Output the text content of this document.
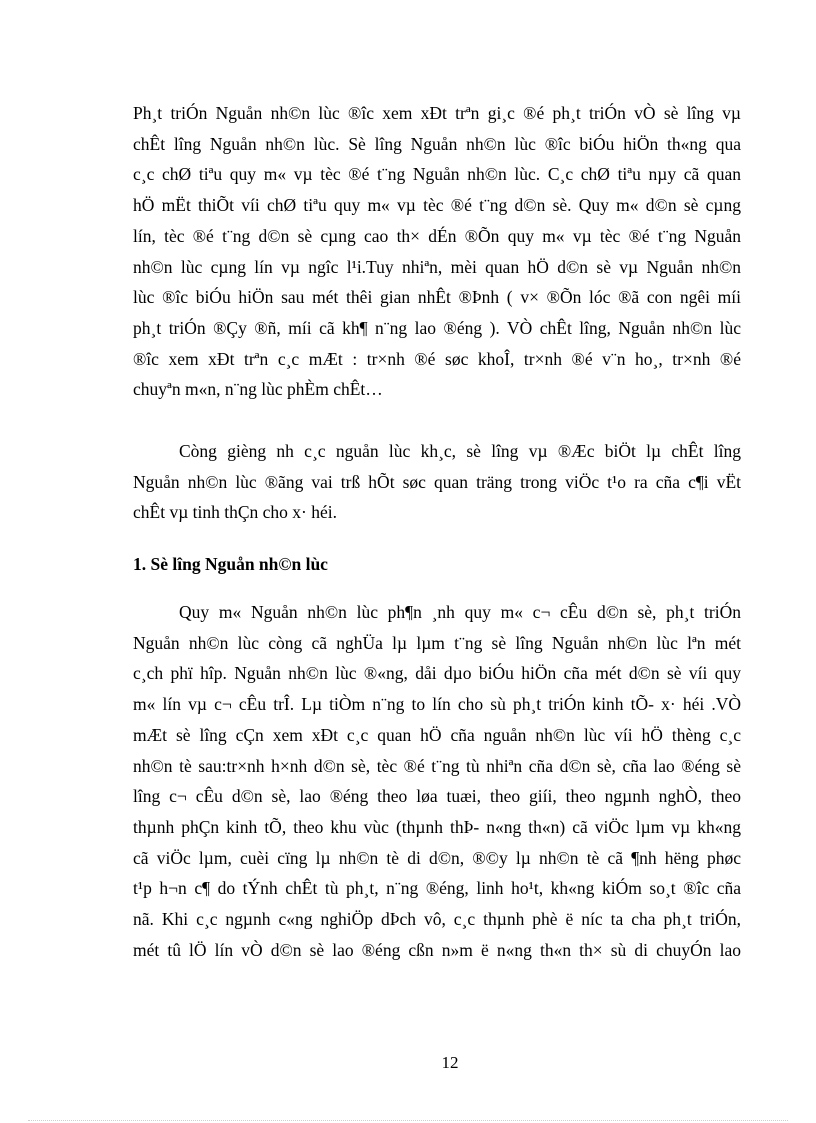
Ph¸t triÓn Nguån nh©n lùc ®îc xem xÐt trªn gi¸c ®é ph¸t triÓn vÒ sè lîng vµ
chÊt lîng Nguån nh©n lùc. Sè lîng Nguån nh©n lùc ®îc biÓu hiÖn th«ng qua
c¸c chØ tiªu quy m« vµ tèc ®é t¨ng Nguån nh©n lùc. C¸c chØ tiªu nµy cã quan
hÖ mËt thiÕt víi chØ tiªu quy m« vµ tèc ®é t¨ng d©n sè. Quy m« d©n sè cµng
lín, tèc ®é t¨ng d©n sè cµng cao th× dÉn ®Õn quy m« vµ tèc ®é t¨ng Nguån
nh©n lùc cµng lín vµ ngîc l¹i.Tuy nhiªn, mèi quan hÖ d©n sè vµ Nguån nh©n
lùc ®îc biÓu hiÖn sau mét thêi gian nhÊt ®Þnh ( v× ®Õn lóc ®ã con ngêi míi
ph¸t triÓn ®Çy ®ñ, míi cã kh¶ n¨ng lao ®éng ). VÒ chÊt lîng, Nguån nh©n lùc
®îc xem xÐt trªn c¸c mÆt : tr×nh ®é søc khoÎ, tr×nh ®é v¨n ho¸, tr×nh ®é
chuyªn m«n, n¨ng lùc phÈm chÊt…
Còng gièng nh c¸c nguån lùc kh¸c, sè lîng vµ ®Æc biÖt lµ chÊt lîng
Nguån nh©n lùc ®ãng vai trß hÕt søc quan träng trong viÖc t¹o ra cña c¶i vËt
chÊt vµ tinh thÇn cho x· héi.
1. Sè lîng Nguån nh©n lùc
Quy m« Nguån nh©n lùc ph¶n ¸nh quy m« c¬ cÊu d©n sè, ph¸t triÓn
Nguån nh©n lùc còng cã nghÜa lµ lµm t¨ng sè lîng Nguån nh©n lùc lªn mét
c¸ch phï hîp. Nguån nh©n lùc ®«ng, dåi dµo biÓu hiÖn cña mét d©n sè víi quy
m« lín vµ c¬ cÊu trÎ. Lµ tiÒm n¨ng to lín cho sù ph¸t triÓn kinh tÕ- x· héi .VÒ
mÆt sè lîng cÇn xem xÐt c¸c quan hÖ cña nguån nh©n lùc víi hÖ thèng c¸c
nh©n tè sau:tr×nh h×nh d©n sè, tèc ®é t¨ng tù nhiªn cña d©n sè, cña lao ®éng sè
lîng c¬ cÊu d©n sè, lao ®éng theo løa tuæi, theo giíi, theo ngµnh nghÒ, theo
thµnh phÇn kinh tÕ, theo khu vùc (thµnh thÞ- n«ng th«n) cã viÖc lµm vµ kh«ng
cã viÖc lµm, cuèi cïng lµ nh©n tè di d©n, ®©y lµ nh©n tè cã ¶nh hëng phøc
t¹p h¬n c¶ do tÝnh chÊt tù ph¸t, n¨ng ®éng, linh ho¹t, kh«ng kiÓm so¸t ®îc cña
nã. Khi c¸c ngµnh c«ng nghiÖp dÞch vô, c¸c thµnh phè ë níc ta cha ph¸t triÓn,
mét tû lÖ lín vÒ d©n sè lao ®éng cßn n»m ë n«ng th«n th× sù di chuyÓn lao
12
